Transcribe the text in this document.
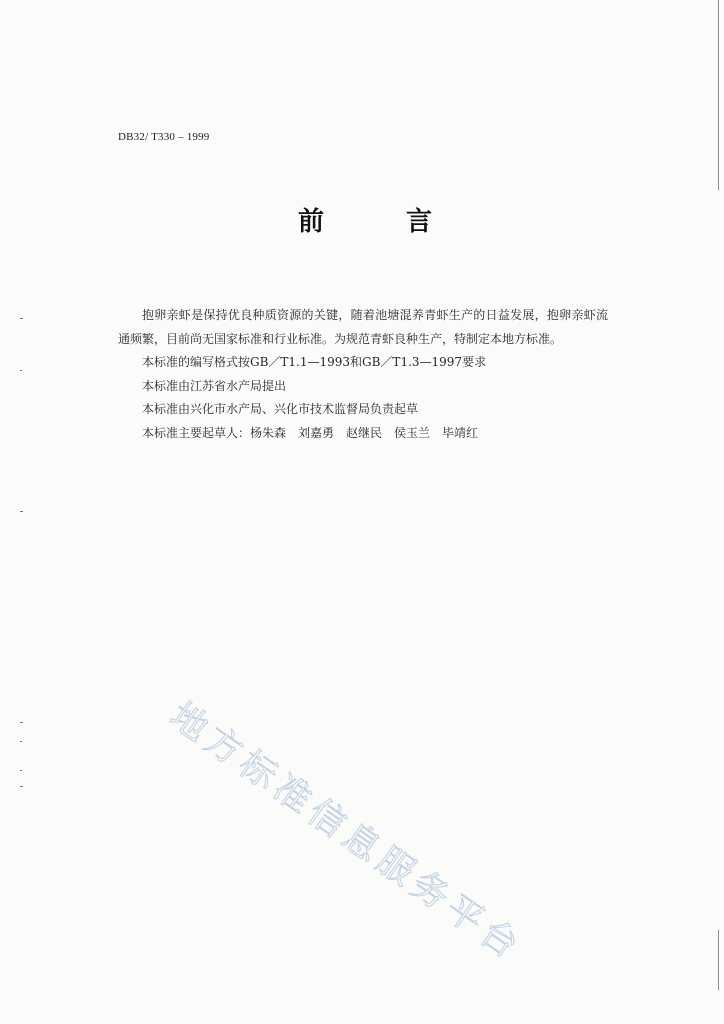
DB32/ T330 – 1999
前	言

抱卵亲虾是保持优良种质资源的关键，随着池塘混养青虾生产的日益发展，抱卵亲虾流通频繁，目前尚无国家标准和行业标准。为规范青虾良种生产，特制定本地方标准。

本标准的编写格式按GB／T1.1—1993和GB／T1.3—1997要求

本标准由江苏省水产局提出

本标准由兴化市水产局、兴化市技术监督局负责起草

本标准主要起草人：杨朱森　刘嘉勇　赵继民　侯玉兰　毕靖红

地方标准信息服务平台
